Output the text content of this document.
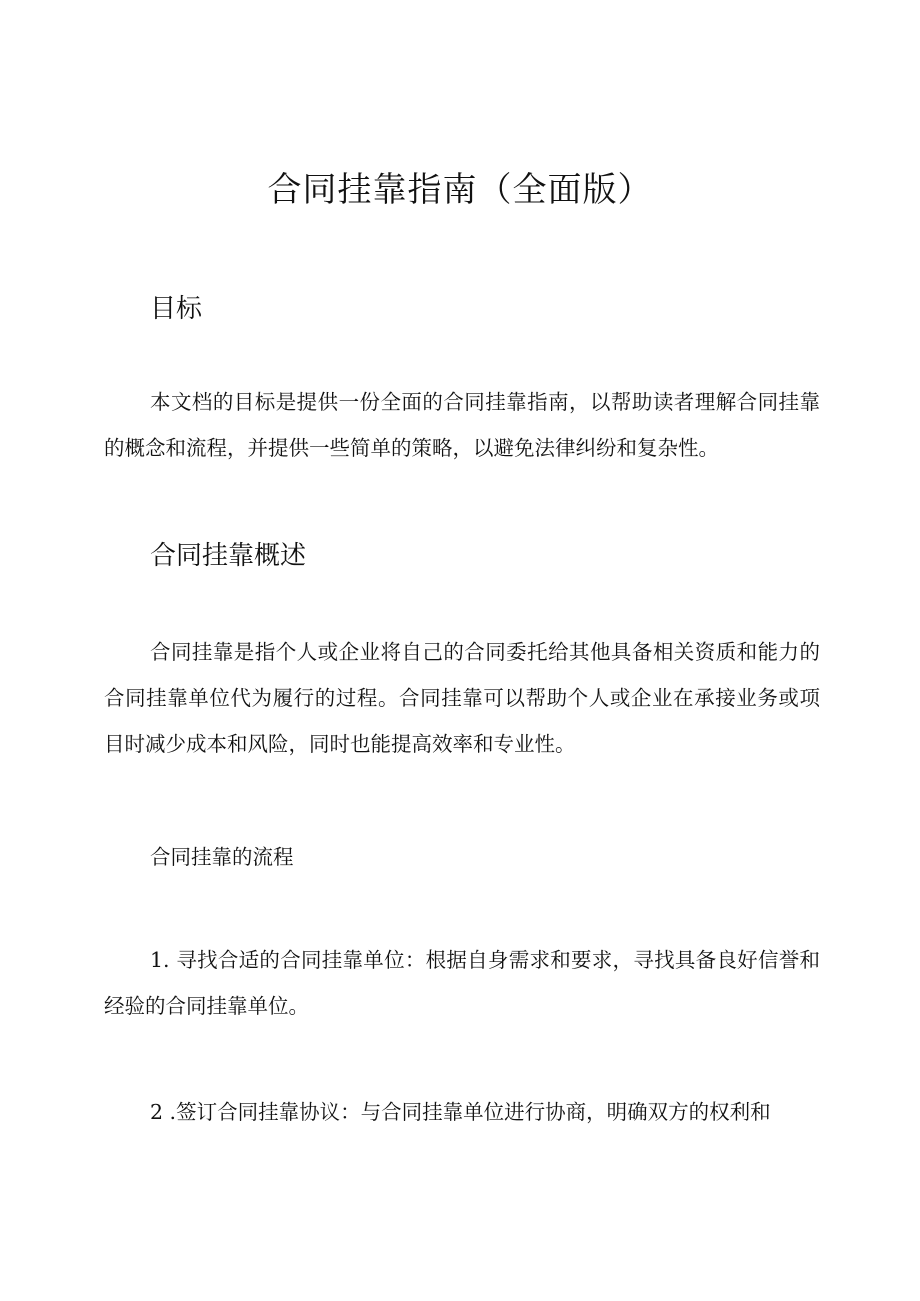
合同挂靠指南（全面版）
目标

本文档的目标是提供一份全面的合同挂靠指南，以帮助读者理解合同挂靠的概念和流程，并提供一些简单的策略，以避免法律纠纷和复杂性。

合同挂靠概述

合同挂靠是指个人或企业将自己的合同委托给其他具备相关资质和能力的合同挂靠单位代为履行的过程。合同挂靠可以帮助个人或企业在承接业务或项目时减少成本和风险，同时也能提高效率和专业性。

合同挂靠的流程

1. 寻找合适的合同挂靠单位：根据自身需求和要求，寻找具备良好信誉和经验的合同挂靠单位。

2 .签订合同挂靠协议：与合同挂靠单位进行协商，明确双方的权利和
